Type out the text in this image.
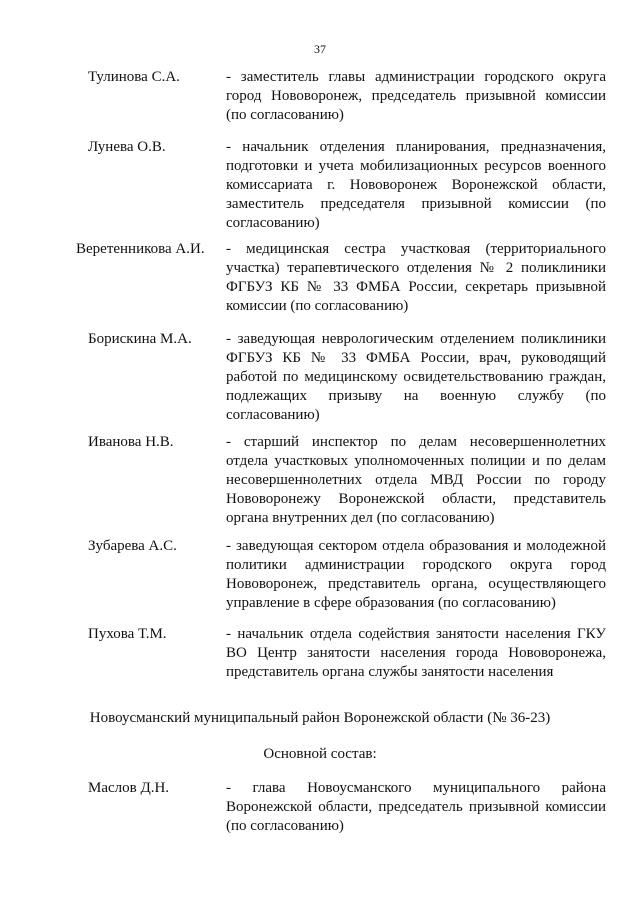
37
Тулинова С.А.	- заместитель главы администрации городского округа город Нововоронеж, председатель призывной комиссии (по согласованию)
Лунева О.В.	- начальник отделения планирования, предназначения, подготовки и учета мобилизационных ресурсов военного комиссариата г. Нововоронеж Воронежской области, заместитель председателя призывной комиссии (по согласованию)
Веретенникова А.И. - медицинская сестра участковая (территориального участка) терапевтического отделения № 2 поликлиники ФГБУЗ КБ № 33 ФМБА России, секретарь призывной комиссии (по согласованию)
Борискина М.А. - заведующая неврологическим отделением поликлиники ФГБУЗ КБ № 33 ФМБА России, врач, руководящий работой по медицинскому освидетельствованию граждан, подлежащих призыву на военную службу (по согласованию)
Иванова Н.В.	- старший инспектор по делам несовершеннолетних отдела участковых уполномоченных полиции и по делам несовершеннолетних отдела МВД России по городу Нововоронежу Воронежской области, представитель органа внутренних дел (по согласованию)
Зубарева А.С.	- заведующая сектором отдела образования и молодежной политики администрации городского округа город Нововоронеж, представитель органа, осуществляющего управление в сфере образования (по согласованию)
Пухова Т.М.	- начальник отдела содействия занятости населения ГКУ ВО Центр занятости населения города Нововоронежа, представитель органа службы занятости населения
Новоусманский муниципальный район Воронежской области (№ 36-23)
Основной состав:
Маслов Д.Н.	- глава Новоусманского муниципального района Воронежской области, председатель призывной комиссии (по согласованию)
